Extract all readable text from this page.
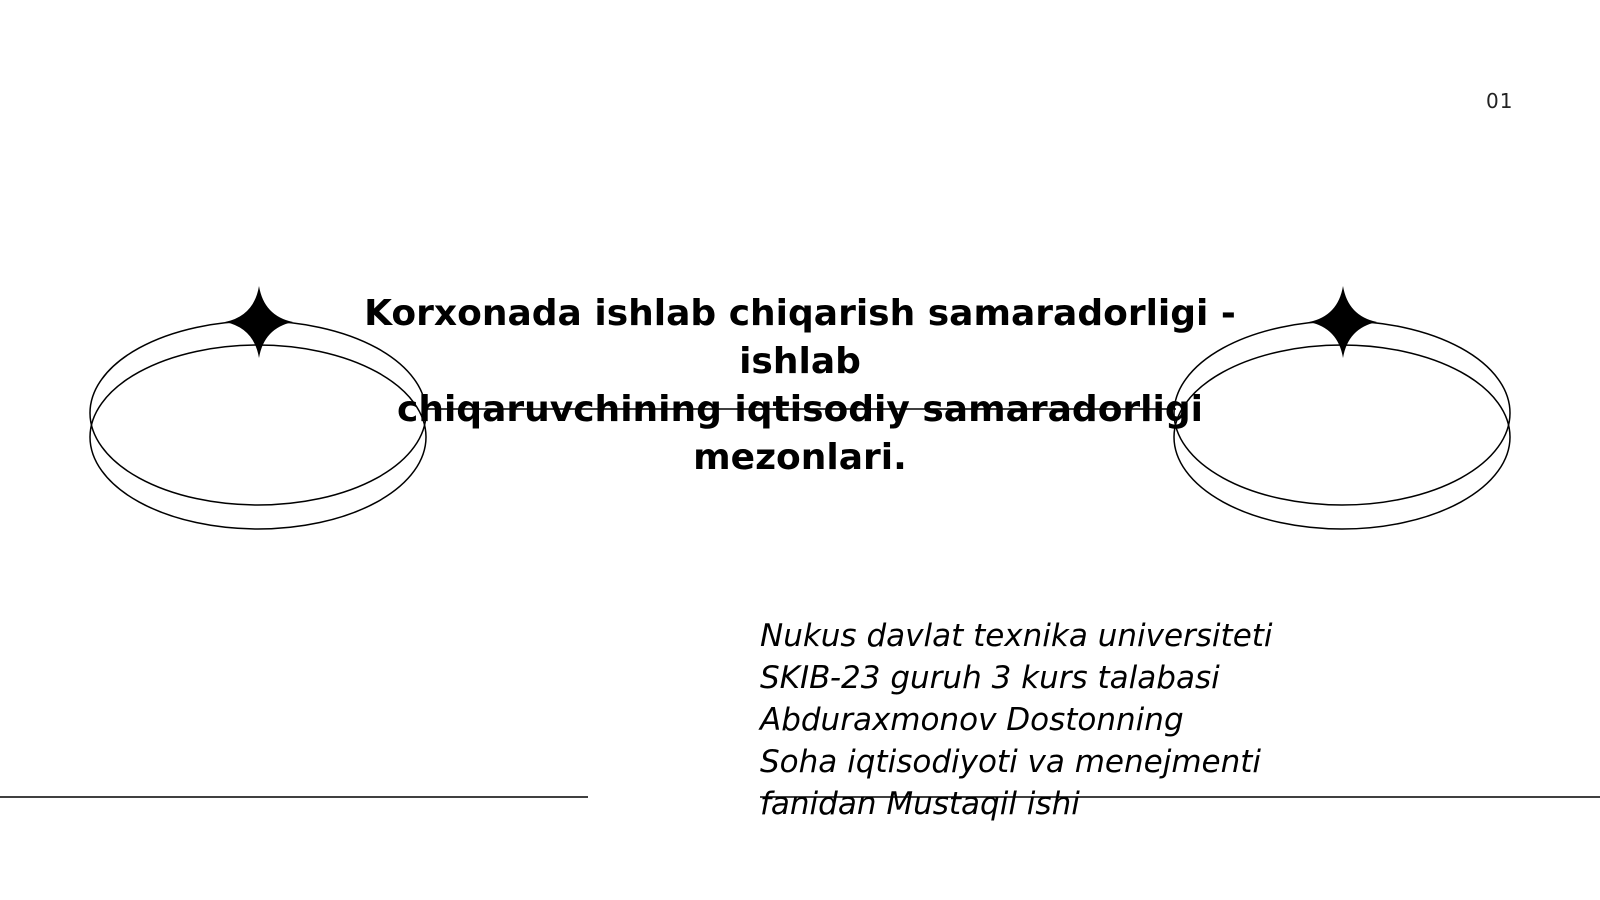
01
Korxonada ishlab chiqarish samaradorligi - ishlab
chiqaruvchining iqtisodiy samaradorligi
mezonlari.
Nukus davlat texnika universiteti
SKIB-23 guruh 3 kurs talabasi
Abduraxmonov Dostonning
Soha iqtisodiyoti va menejmenti
fanidan Mustaqil ishi
